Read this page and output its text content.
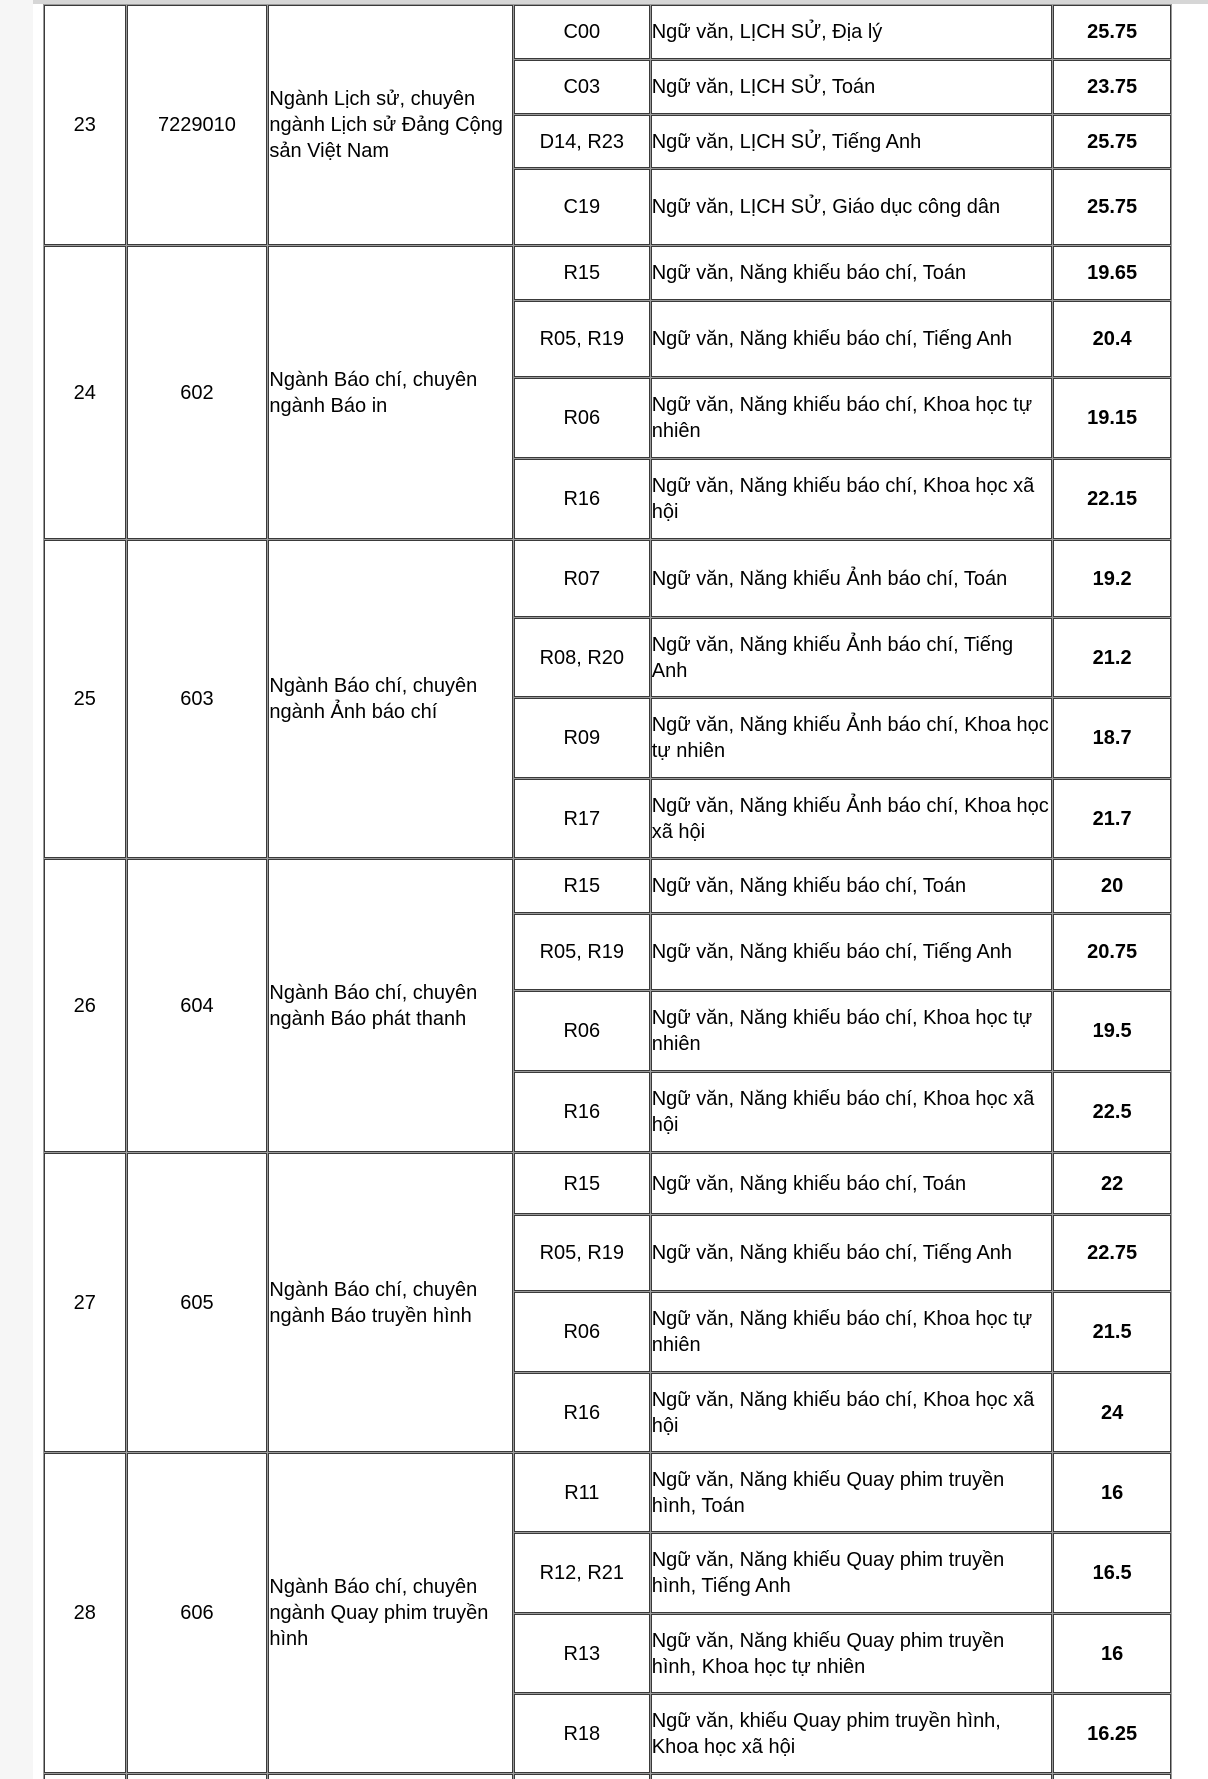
23	7229010	Ngành Lịch sử, chuyên ngành Lịch sử Đảng Cộng sản Việt Nam	C00	Ngữ văn, LỊCH SỬ, Địa lý	25.75
			C03	Ngữ văn, LỊCH SỬ, Toán	23.75
			D14, R23	Ngữ văn, LỊCH SỬ, Tiếng Anh	25.75
			C19	Ngữ văn, LỊCH SỬ, Giáo dục công dân	25.75
24	602	Ngành Báo chí, chuyên ngành Báo in	R15	Ngữ văn, Năng khiếu báo chí, Toán	19.65
			R05, R19	Ngữ văn, Năng khiếu báo chí, Tiếng Anh	20.4
			R06	Ngữ văn, Năng khiếu báo chí, Khoa học tự nhiên	19.15
			R16	Ngữ văn, Năng khiếu báo chí, Khoa học xã hội	22.15
25	603	Ngành Báo chí, chuyên ngành Ảnh báo chí	R07	Ngữ văn, Năng khiếu Ảnh báo chí, Toán	19.2
			R08, R20	Ngữ văn, Năng khiếu Ảnh báo chí, Tiếng Anh	21.2
			R09	Ngữ văn, Năng khiếu Ảnh báo chí, Khoa học tự nhiên	18.7
			R17	Ngữ văn, Năng khiếu Ảnh báo chí, Khoa học xã hội	21.7
26	604	Ngành Báo chí, chuyên ngành Báo phát thanh	R15	Ngữ văn, Năng khiếu báo chí, Toán	20
			R05, R19	Ngữ văn, Năng khiếu báo chí, Tiếng Anh	20.75
			R06	Ngữ văn, Năng khiếu báo chí, Khoa học tự nhiên	19.5
			R16	Ngữ văn, Năng khiếu báo chí, Khoa học xã hội	22.5
27	605	Ngành Báo chí, chuyên ngành Báo truyền hình	R15	Ngữ văn, Năng khiếu báo chí, Toán	22
			R05, R19	Ngữ văn, Năng khiếu báo chí, Tiếng Anh	22.75
			R06	Ngữ văn, Năng khiếu báo chí, Khoa học tự nhiên	21.5
			R16	Ngữ văn, Năng khiếu báo chí, Khoa học xã hội	24
28	606	Ngành Báo chí, chuyên ngành Quay phim truyền hình	R11	Ngữ văn, Năng khiếu Quay phim truyền hình, Toán	16
			R12, R21	Ngữ văn, Năng khiếu Quay phim truyền hình, Tiếng Anh	16.5
			R13	Ngữ văn, Năng khiếu Quay phim truyền hình, Khoa học tự nhiên	16
			R18	Ngữ văn, khiếu Quay phim truyền hình, Khoa học xã hội	16.25
